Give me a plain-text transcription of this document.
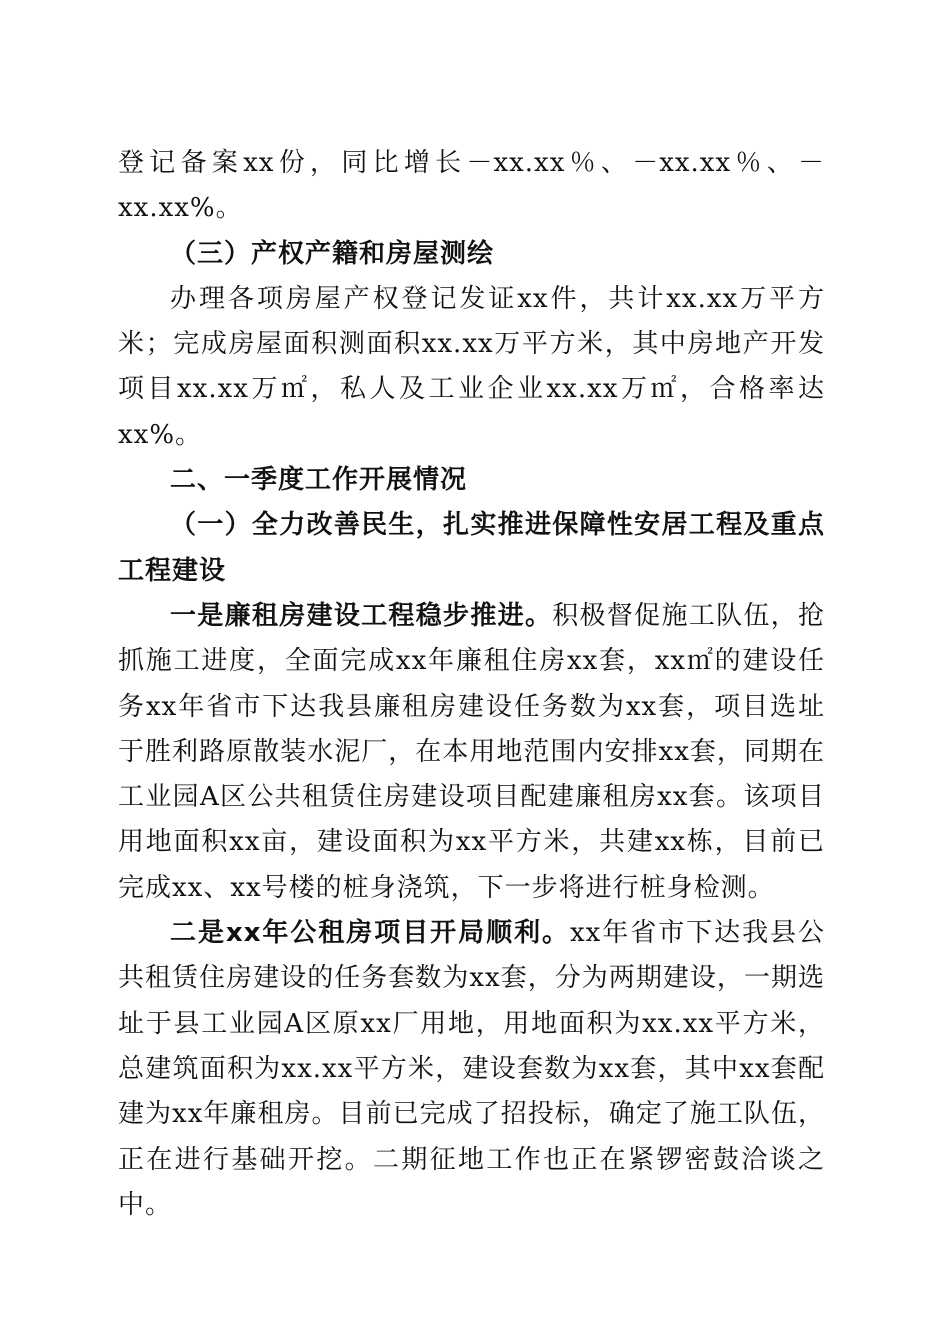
登记备案xx份，同比增长－xx.xx％、－xx.xx％、－xx.xx%。

（三）产权产籍和房屋测绘

办理各项房屋产权登记发证xx件，共计xx.xx万平方米；完成房屋面积测面积xx.xx万平方米，其中房地产开发项目xx.xx万㎡，私人及工业企业xx.xx万㎡，合格率达xx%。

二、一季度工作开展情况

（一）全力改善民生，扎实推进保障性安居工程及重点工程建设

一是廉租房建设工程稳步推进。积极督促施工队伍，抢抓施工进度，全面完成xx年廉租住房xx套，xx㎡的建设任务xx年省市下达我县廉租房建设任务数为xx套，项目选址于胜利路原散装水泥厂，在本用地范围内安排xx套，同期在工业园A区公共租赁住房建设项目配建廉租房xx套。该项目用地面积xx亩，建设面积为xx平方米，共建xx栋，目前已完成xx、xx号楼的桩身浇筑，下一步将进行桩身检测。

二是xx年公租房项目开局顺利。xx年省市下达我县公共租赁住房建设的任务套数为xx套，分为两期建设，一期选址于县工业园A区原xx厂用地，用地面积为xx.xx平方米，总建筑面积为xx.xx平方米，建设套数为xx套，其中xx套配建为xx年廉租房。目前已完成了招投标，确定了施工队伍，正在进行基础开挖。二期征地工作也正在紧锣密鼓洽谈之中。
